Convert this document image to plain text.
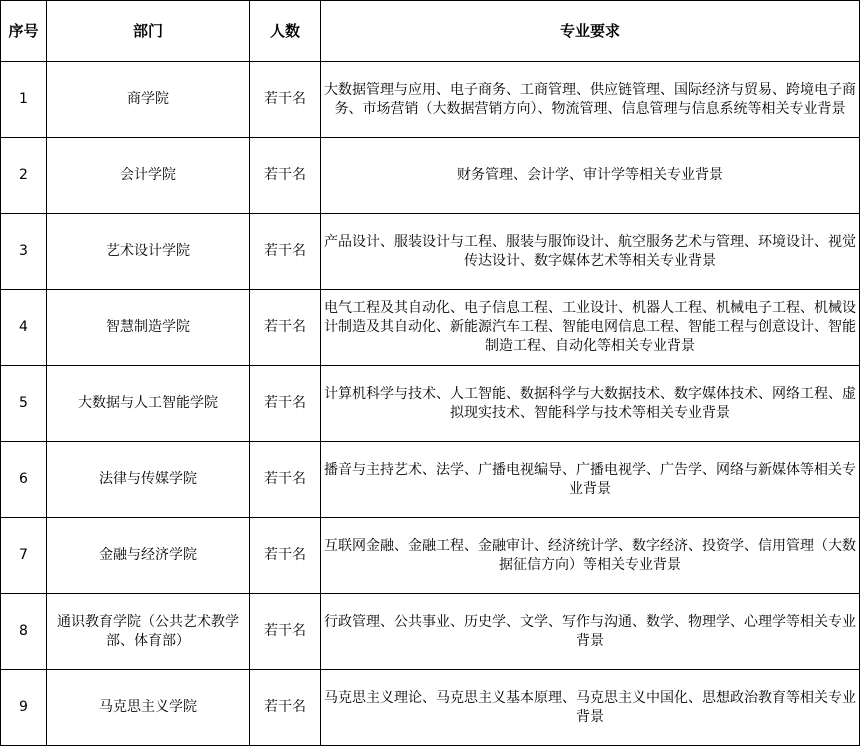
序号	部门	人数	专业要求
1	商学院	若干名	大数据管理与应用、电子商务、工商管理、供应链管理、国际经济与贸易、跨境电子商务、市场营销（大数据营销方向）、物流管理、信息管理与信息系统等相关专业背景
2	会计学院	若干名	财务管理、会计学、审计学等相关专业背景
3	艺术设计学院	若干名	产品设计、服装设计与工程、服装与服饰设计、航空服务艺术与管理、环境设计、视觉传达设计、数字媒体艺术等相关专业背景
4	智慧制造学院	若干名	电气工程及其自动化、电子信息工程、工业设计、机器人工程、机械电子工程、机械设计制造及其自动化、新能源汽车工程、智能电网信息工程、智能工程与创意设计、智能制造工程、自动化等相关专业背景
5	大数据与人工智能学院	若干名	计算机科学与技术、人工智能、数据科学与大数据技术、数字媒体技术、网络工程、虚拟现实技术、智能科学与技术等相关专业背景
6	法律与传媒学院	若干名	播音与主持艺术、法学、广播电视编导、广播电视学、广告学、网络与新媒体等相关专业背景
7	金融与经济学院	若干名	互联网金融、金融工程、金融审计、经济统计学、数字经济、投资学、信用管理（大数据征信方向）等相关专业背景
8	通识教育学院（公共艺术教学部、体育部）	若干名	行政管理、公共事业、历史学、文学、写作与沟通、数学、物理学、心理学等相关专业背景
9	马克思主义学院	若干名	马克思主义理论、马克思主义基本原理、马克思主义中国化、思想政治教育等相关专业背景
